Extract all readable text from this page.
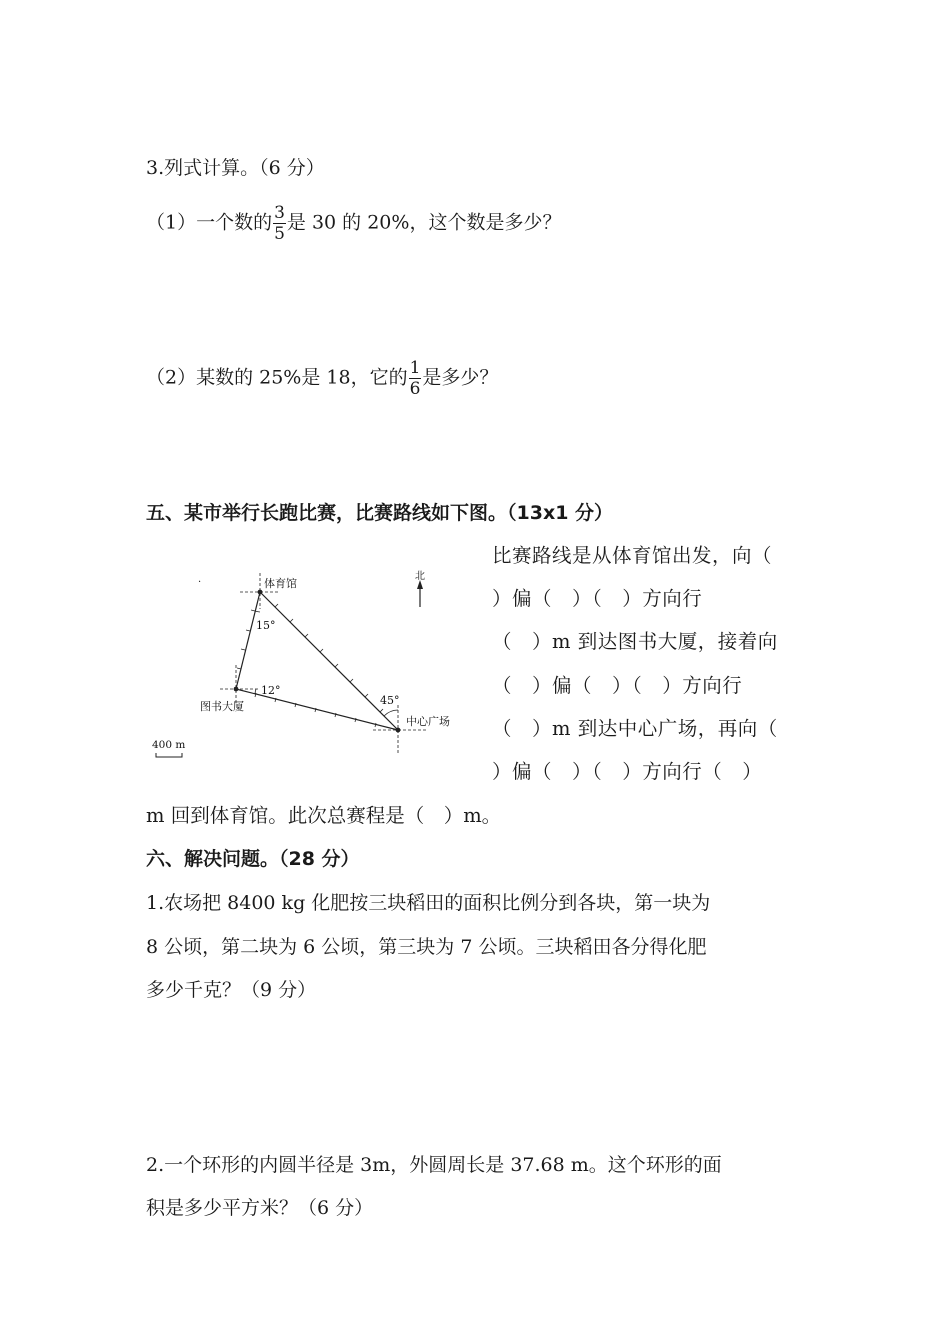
3.列式计算。（6 分）
（1）一个数的 $\frac{3}{5}$ 是 30 的 20%，这个数是多少？
（2）某数的 25%是 18，它的 $\frac{1}{6}$ 是多少？
五、某市举行长跑比赛，比赛路线如下图。（13x1 分）
·	体育馆
北
15°
12°
45°
图书大厦
中心广场
400 m
比赛路线是从体育馆出发，向（
）偏（　）（　）方向行
（　）m 到达图书大厦，接着向
（　）偏（　）（　）方向行
（　）m 到达中心广场，再向（
）偏（　）（　）方向行（　）
m 回到体育馆。此次总赛程是（　）m。
六、解决问题。（28 分）
1.农场把 8400 kg 化肥按三块稻田的面积比例分到各块，第一块为
8 公顷，第二块为 6 公顷，第三块为 7 公顷。三块稻田各分得化肥
多少千克？（9 分）
2.一个环形的内圆半径是 3m，外圆周长是 37.68 m。这个环形的面
积是多少平方米？（6 分）
